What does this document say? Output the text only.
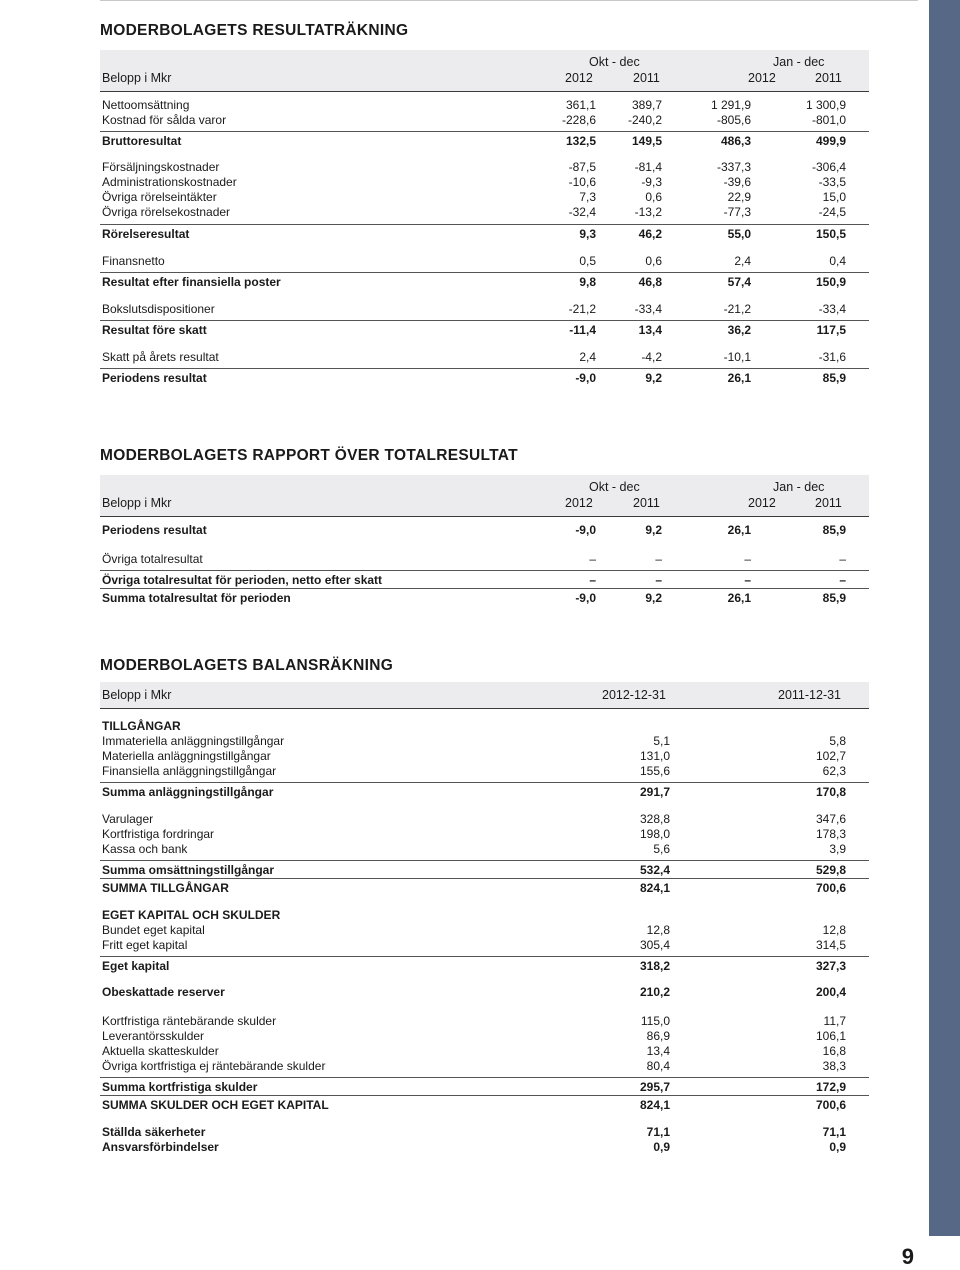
9
MODERBOLAGETS RESULTATRÄKNING
Okt - dec	Jan - dec
Belopp i Mkr	2012	2011	2012	2011
Nettoomsättning	361,1	389,7	1 291,9	1 300,9
Kostnad för sålda varor	-228,6	-240,2	-805,6	-801,0
Bruttoresultat	132,5	149,5	486,3	499,9
Försäljningskostnader	-87,5	-81,4	-337,3	-306,4
Administrationskostnader	-10,6	-9,3	-39,6	-33,5
Övriga rörelseintäkter	7,3	0,6	22,9	15,0
Övriga rörelsekostnader	-32,4	-13,2	-77,3	-24,5
Rörelseresultat	9,3	46,2	55,0	150,5
Finansnetto	0,5	0,6	2,4	0,4
Resultat efter finansiella poster	9,8	46,8	57,4	150,9
Bokslutsdispositioner	-21,2	-33,4	-21,2	-33,4
Resultat före skatt	-11,4	13,4	36,2	117,5
Skatt på årets resultat	2,4	-4,2	-10,1	-31,6
Periodens resultat	-9,0	9,2	26,1	85,9
MODERBOLAGETS RAPPORT ÖVER TOTALRESULTAT
Okt - dec	Jan - dec
Belopp i Mkr	2012	2011	2012	2011
Periodens resultat	-9,0	9,2	26,1	85,9
Övriga totalresultat	–	–	–	–
Övriga totalresultat för perioden, netto efter skatt	–	–	–	–
Summa totalresultat för perioden	-9,0	9,2	26,1	85,9
MODERBOLAGETS BALANSRÄKNING
Belopp i Mkr	2012-12-31	2011-12-31
TILLGÅNGAR
Immateriella anläggningstillgångar	5,1	5,8
Materiella anläggningstillgångar	131,0	102,7
Finansiella anläggningstillgångar	155,6	62,3
Summa anläggningstillgångar	291,7	170,8
Varulager	328,8	347,6
Kortfristiga fordringar	198,0	178,3
Kassa och bank	5,6	3,9
Summa omsättningstillgångar	532,4	529,8
SUMMA TILLGÅNGAR	824,1	700,6
EGET KAPITAL OCH SKULDER
Bundet eget kapital	12,8	12,8
Fritt eget kapital	305,4	314,5
Eget kapital	318,2	327,3
Obeskattade reserver	210,2	200,4
Kortfristiga räntebärande skulder	115,0	11,7
Leverantörsskulder	86,9	106,1
Aktuella skatteskulder	13,4	16,8
Övriga kortfristiga ej räntebärande skulder	80,4	38,3
Summa kortfristiga skulder	295,7	172,9
SUMMA SKULDER OCH EGET KAPITAL	824,1	700,6
Ställda säkerheter	71,1	71,1
Ansvarsförbindelser	0,9	0,9
